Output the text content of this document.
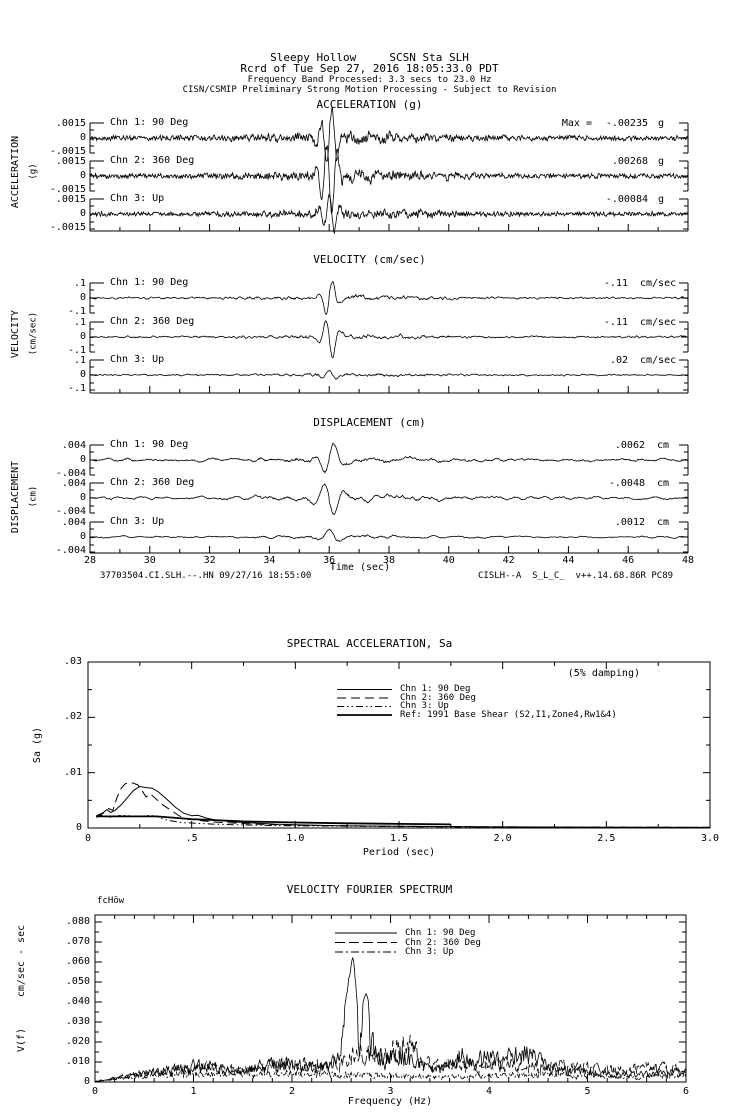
Sleepy Hollow     SCSN Sta SLH
Rcrd of Tue Sep 27, 2016 18:05:33.0 PDT
Frequency Band Processed: 3.3 secs to 23.0 Hz
CISN/CSMIP Preliminary Strong Motion Processing - Subject to Revision
ACCELERATION (g)
VELOCITY (cm/sec)
DISPLACEMENT (cm)
ACCELERATION (g)
VELOCITY (cm/sec)
DISPLACEMENT (cm)
Time (sec)
37703504.CI.SLH.--.HN 09/27/16 18:55:00	CISLH--A  S_L_C_  v++.14.68.86R PC89
SPECTRAL ACCELERATION, Sa
(5% damping)
Sa (g)
Period (sec)
VELOCITY FOURIER SPECTRUM
fcHöw
cm/sec - sec
V(f)
Frequency (Hz)
Chn 1: 90 Deg	Max =	-.00235 g
.0015
0
-.0015
Chn 2: 360 Deg	.00268 g
.0015
0
-.0015
Chn 3: Up	-.00084 g
.0015
0
-.0015
Chn 1: 90 Deg	-.11 cm/sec
.1
0
-.1
Chn 2: 360 Deg	-.11 cm/sec
.1
0
-.1
Chn 3: Up	.02 cm/sec
.1
0
-.1
Chn 1: 90 Deg	.0062 cm
.004
0
-.004
Chn 2: 360 Deg	-.0048 cm
.004
0
-.004
Chn 3: Up	.0012 cm
.004
0
-.004
28	30	32	34	36	38	40	42	44	46	48
Chn 1: 90 Deg
Chn 2: 360 Deg
Chn 3: Up
Ref: 1991 Base Shear (S2,I1,Zone4,Rw1&4)
.03
.02
.01
0
0	.5	1.0	1.5	2.0	2.5	3.0
Chn 1: 90 Deg
Chn 2: 360 Deg
Chn 3: Up
.080
.070
.060
.050
.040
.030
.020
.010
0
0	1	2	3	4	5	6
